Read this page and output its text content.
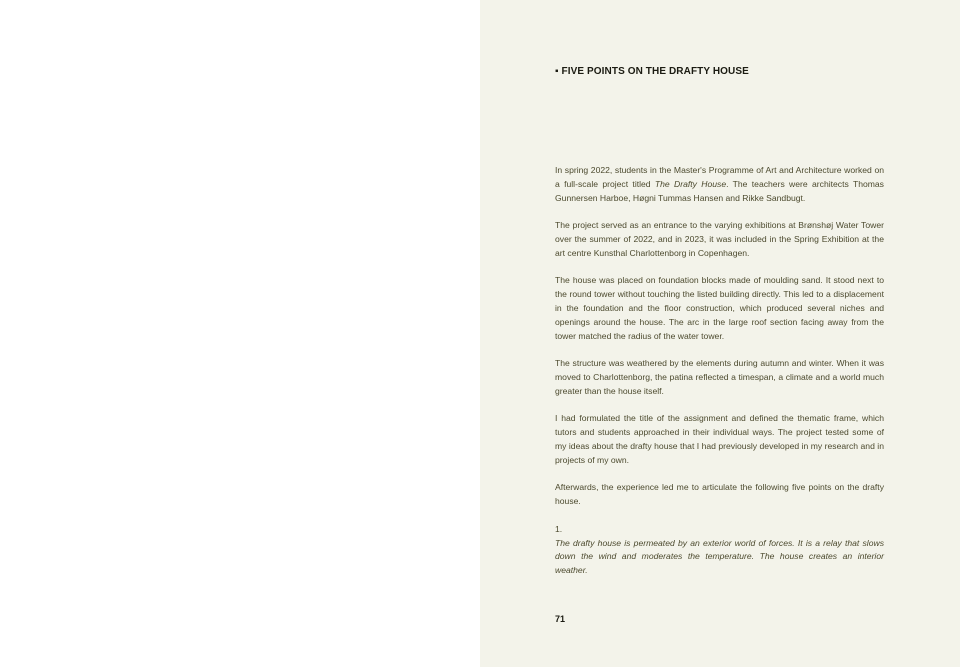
▪ FIVE POINTS ON THE DRAFTY HOUSE

In spring 2022, students in the Master's Programme of Art and Architecture worked on a full-scale project titled The Drafty House. The teachers were architects Thomas Gunnersen Harboe, Høgni Tummas Hansen and Rikke Sandbugt.

The project served as an entrance to the varying exhibitions at Brønshøj Water Tower over the summer of 2022, and in 2023, it was included in the Spring Exhibition at the art centre Kunsthal Charlottenborg in Copenhagen.

The house was placed on foundation blocks made of moulding sand. It stood next to the round tower without touching the listed building directly. This led to a displacement in the foundation and the floor construction, which produced several niches and openings around the house. The arc in the large roof section facing away from the tower matched the radius of the water tower.

The structure was weathered by the elements during autumn and winter. When it was moved to Charlottenborg, the patina reflected a timespan, a climate and a world much greater than the house itself.

I had formulated the title of the assignment and defined the thematic frame, which tutors and students approached in their individual ways. The project tested some of my ideas about the drafty house that I had previously developed in my research and in projects of my own.

Afterwards, the experience led me to articulate the following five points on the drafty house.

1.

The drafty house is permeated by an exterior world of forces. It is a relay that slows down the wind and moderates the temperature. The house creates an interior weather.

71
